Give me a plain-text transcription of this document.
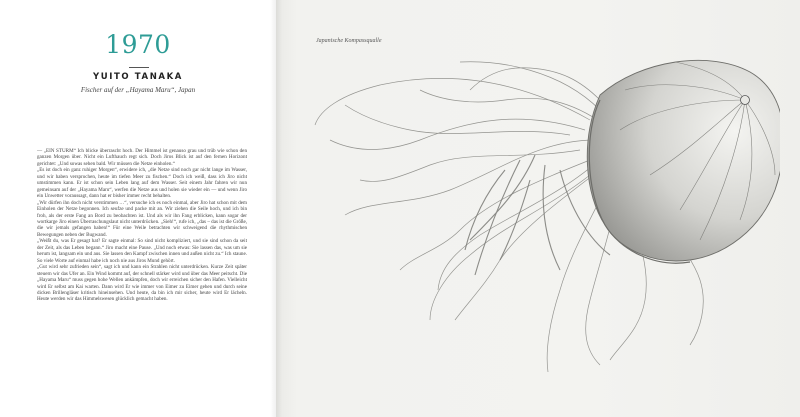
1970
YUITO TANAKA
Fischer auf der „Hayama Maru“, Japan

— „EIN STURM“ Ich blicke überrascht hoch. Der Himmel ist genauso grau und trüb wie schon den ganzen Morgen über. Nicht ein Lufthauch regt sich. Doch Jiros Blick ist auf den fernen Horizont gerichtet: „Und sowas sehen bald. Wir müssen die Netze einholen.“

„Es ist doch ein ganz ruhiger Morgen“, erwidere ich, „die Netze sind noch gar nicht lange im Wasser, und wir haben versprochen, heute im tiefen Meer zu fischen.“ Doch ich weiß, dass ich Jiro nicht umstimmen kann. Er ist schon sein Leben lang auf dem Wasser. Seit einem Jahr fahren wir nun gemeinsam auf der „Hayama Maru“, werfen die Netze aus und holen sie wieder ein — und wenn Jiro ein Unwetter voraussagt, dann hat er bisher immer recht behalten.

„Wir dürfen ihn doch nicht verstimmen …“, versuche ich es noch einmal, aber Jiro hat schon mit dem Einholen der Netze begonnen. Ich seufze und packe mit an. Wir ziehen die Seile hoch, und ich bin froh, als der erste Fang an Bord zu beobachten ist. Und als wir ihn Fang erblicken, kann sogar der wortkarge Jiro einen Überraschungslaut nicht unterdrücken. „Sieh!“, rufe ich, „das – das ist die Größe, die wir jemals gefangen haben!“ Für eine Weile betrachten wir schweigend die rhythmischen Bewegungen neben der Bugwand.

„Weißt du, was Er gesagt hat? Er sagte einmal: So sind nicht kompliziert, und sie sind schon da seit der Zeit, als das Leben begann.“ Jiro macht eine Pause. „Und noch etwas: Sie lassen das, was um sie herum ist, langsam ein und aus. Sie lassen den Kampf zwischen innen und außen nicht zu.“ Ich staune. So viele Worte auf einmal habe ich noch nie aus Jiros Mund gehört.

„Gut wird sehr zufrieden sein“, sagt ich und kann ein Strahlen nicht unterdrücken. Kurze Zeit später steuern wir das Ufer an. Ein Wind kommt auf, der schnell stärker wird und über das Meer peitscht. Die „Hayama Maru“ muss gegen hohe Wellen ankämpfen, doch wir erreichen sicher den Hafen. Vielleicht wird Er selbst am Kai warten. Dann wird Er wie immer von Eimer zu Eimer gehen und durch seine dicken Brillengläser kritisch hineinsehen. Und heute, da bin ich mir sicher, heute wird Er lächeln. Heute werden wir das Himmelswesen glücklich gemacht haben.

Japanische Kompassqualle
